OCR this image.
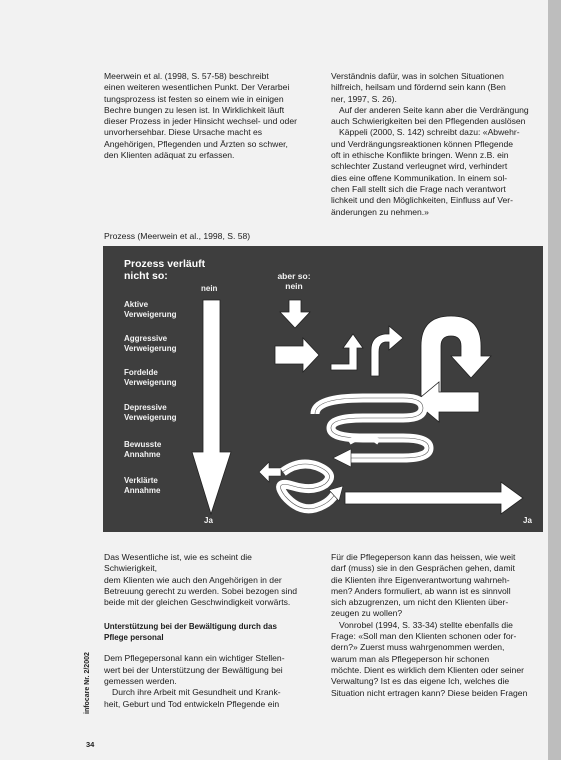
Meerwein et al. (1998, S. 57-58) beschreibt

einen weiteren wesentlichen Punkt. Der Verarbei

tungsprozess ist festen so einem wie in einigen

Bechre bungen zu lesen ist. In Wirklichkeit läuft

dieser Prozess in jeder Hinsicht wechsel- und oder

unvorhersehbar. Diese Ursache macht es

Angehörigen, Pflegenden und Ärzten so schwer,

den Klienten adäquat zu erfassen.

Verständnis dafür, was in solchen Situationen

hilfreich, heilsam und fördernd sein kann (Ben

ner, 1997, S. 26).

Auf der anderen Seite kann aber die Verdrängung

auch Schwierigkeiten bei den Pflegenden auslösen

Käppeli (2000, S. 142) schreibt dazu: «Abwehr-

und Verdrängungsreaktionen können Pflegende

oft in ethische Konflikte bringen. Wenn z.B. ein

schlechter Zustand verleugnet wird, verhindert

dies eine offene Kommunikation. In einem sol-

chen Fall stellt sich die Frage nach verantwort

lichkeit und den Möglichkeiten, Einfluss auf Ver-

änderungen zu nehmen.»

Prozess (Meerwein et al., 1998, S. 58)
Prozess verläuft
nicht so:
nein
aber so:
nein
Aktive
Verweigerung
Aggressive
Verweigerung
Fordelde
Verweigerung
Depressive
Verweigerung
Bewusste
Annahme
Verklärte
Annahme
Ja	Ja

Das Wesentliche ist, wie es scheint die Schwierigkeit,

dem Klienten wie auch den Angehörigen in der

Betreuung gerecht zu werden. Sobei bezogen sind

beide mit der gleichen Geschwindigkeit vorwärts.

Unterstützung bei der Bewältigung durch das Pflege personal

Dem Pflegepersonal kann ein wichtiger Stellen-

wert bei der Unterstützung der Bewältigung bei

gemessen werden.

Durch ihre Arbeit mit Gesundheit und Krank-

heit, Geburt und Tod entwickeln Pflegende ein

Für die Pflegeperson kann das heissen, wie weit

darf (muss) sie in den Gesprächen gehen, damit

die Klienten ihre Eigenverantwortung wahrneh-

men? Anders formuliert, ab wann ist es sinnvoll

sich abzugrenzen, um nicht den Klienten über-

zeugen zu wollen?

Vonrobel (1994, S. 33-34) stellte ebenfalls die

Frage: «Soll man den Klienten schonen oder for-

dern?» Zuerst muss wahrgenommen werden,

warum man als Pflegeperson hir schonen

möchte. Dient es wirklich dem Klienten oder seiner

Verwaltung? Ist es das eigene Ich, welches die

Situation nicht ertragen kann? Diese beiden Fragen

infocare Nr. 2/2002
34
